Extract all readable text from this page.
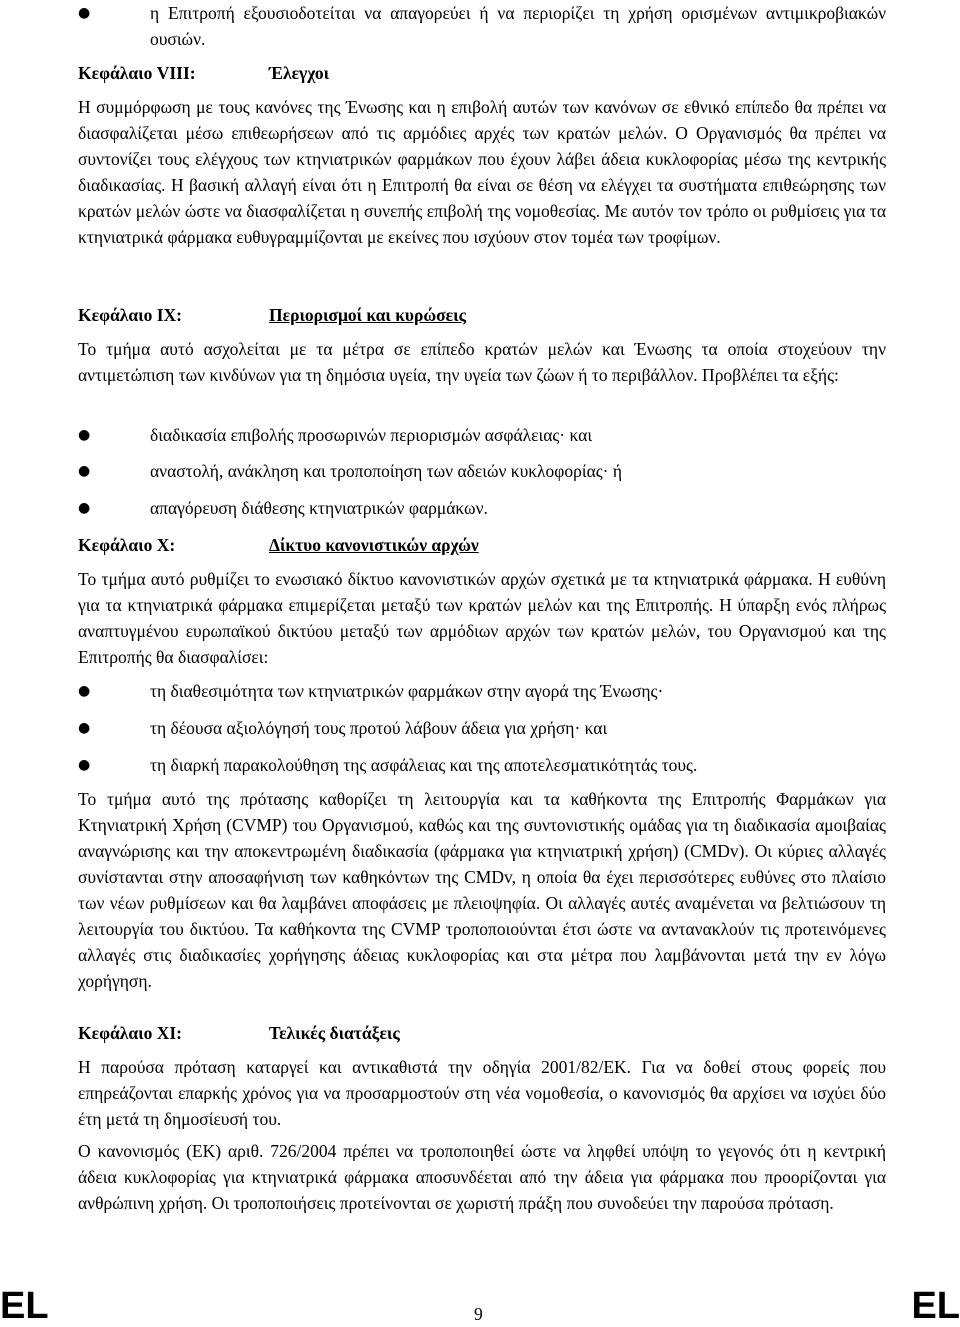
●	η Επιτροπή εξουσιοδοτείται να απαγορεύει ή να περιορίζει τη χρήση ορισμένων αντιμικροβιακών ουσιών.
Κεφάλαιο VIII:	Έλεγχοι

Η συμμόρφωση με τους κανόνες της Ένωσης και η επιβολή αυτών των κανόνων σε εθνικό επίπεδο θα πρέπει να διασφαλίζεται μέσω επιθεωρήσεων από τις αρμόδιες αρχές των κρατών μελών. Ο Οργανισμός θα πρέπει να συντονίζει τους ελέγχους των κτηνιατρικών φαρμάκων που έχουν λάβει άδεια κυκλοφορίας μέσω της κεντρικής διαδικασίας. Η βασική αλλαγή είναι ότι η Επιτροπή θα είναι σε θέση να ελέγχει τα συστήματα επιθεώρησης των κρατών μελών ώστε να διασφαλίζεται η συνεπής επιβολή της νομοθεσίας. Με αυτόν τον τρόπο οι ρυθμίσεις για τα κτηνιατρικά φάρμακα ευθυγραμμίζονται με εκείνες που ισχύουν στον τομέα των τροφίμων.

Κεφάλαιο IX:	Περιορισμοί και κυρώσεις

Το τμήμα αυτό ασχολείται με τα μέτρα σε επίπεδο κρατών μελών και Ένωσης τα οποία στοχεύουν την αντιμετώπιση των κινδύνων για τη δημόσια υγεία, την υγεία των ζώων ή το περιβάλλον. Προβλέπει τα εξής:

●	διαδικασία επιβολής προσωρινών περιορισμών ασφάλειας· και
●	αναστολή, ανάκληση και τροποποίηση των αδειών κυκλοφορίας· ή
●	απαγόρευση διάθεσης κτηνιατρικών φαρμάκων.
Κεφάλαιο X:	Δίκτυο κανονιστικών αρχών

Το τμήμα αυτό ρυθμίζει το ενωσιακό δίκτυο κανονιστικών αρχών σχετικά με τα κτηνιατρικά φάρμακα. Η ευθύνη για τα κτηνιατρικά φάρμακα επιμερίζεται μεταξύ των κρατών μελών και της Επιτροπής. Η ύπαρξη ενός πλήρως αναπτυγμένου ευρωπαϊκού δικτύου μεταξύ των αρμόδιων αρχών των κρατών μελών, του Οργανισμού και της Επιτροπής θα διασφαλίσει:

●	τη διαθεσιμότητα των κτηνιατρικών φαρμάκων στην αγορά της Ένωσης·
●	τη δέουσα αξιολόγησή τους προτού λάβουν άδεια για χρήση· και
●	τη διαρκή παρακολούθηση της ασφάλειας και της αποτελεσματικότητάς τους.

Το τμήμα αυτό της πρότασης καθορίζει τη λειτουργία και τα καθήκοντα της Επιτροπής Φαρμάκων για Κτηνιατρική Χρήση (CVMP) του Οργανισμού, καθώς και της συντονιστικής ομάδας για τη διαδικασία αμοιβαίας αναγνώρισης και την αποκεντρωμένη διαδικασία (φάρμακα για κτηνιατρική χρήση) (CMDv). Οι κύριες αλλαγές συνίστανται στην αποσαφήνιση των καθηκόντων της CMDv, η οποία θα έχει περισσότερες ευθύνες στο πλαίσιο των νέων ρυθμίσεων και θα λαμβάνει αποφάσεις με πλειοψηφία. Οι αλλαγές αυτές αναμένεται να βελτιώσουν τη λειτουργία του δικτύου. Τα καθήκοντα της CVMP τροποποιούνται έτσι ώστε να αντανακλούν τις προτεινόμενες αλλαγές στις διαδικασίες χορήγησης άδειας κυκλοφορίας και στα μέτρα που λαμβάνονται μετά την εν λόγω χορήγηση.

Κεφάλαιο XI:	Τελικές διατάξεις

Η παρούσα πρόταση καταργεί και αντικαθιστά την οδηγία 2001/82/ΕΚ. Για να δοθεί στους φορείς που επηρεάζονται επαρκής χρόνος για να προσαρμοστούν στη νέα νομοθεσία, ο κανονισμός θα αρχίσει να ισχύει δύο έτη μετά τη δημοσίευσή του.

Ο κανονισμός (ΕΚ) αριθ. 726/2004 πρέπει να τροποποιηθεί ώστε να ληφθεί υπόψη το γεγονός ότι η κεντρική άδεια κυκλοφορίας για κτηνιατρικά φάρμακα αποσυνδέεται από την άδεια για φάρμακα που προορίζονται για ανθρώπινη χρήση. Οι τροποποιήσεις προτείνονται σε χωριστή πράξη που συνοδεύει την παρούσα πρόταση.

EL	9	EL
